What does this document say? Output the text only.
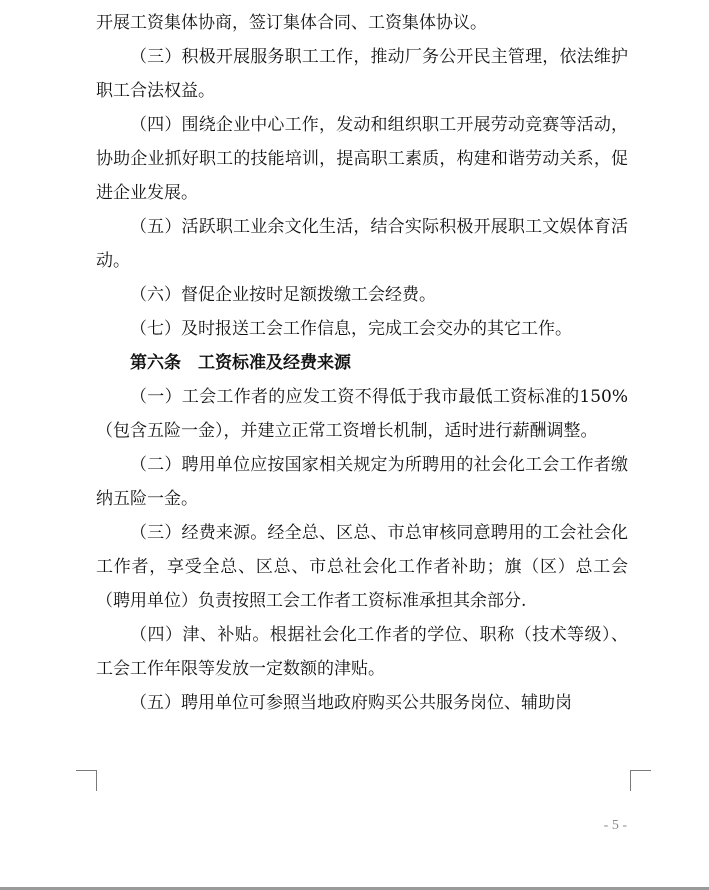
开展工资集体协商，签订集体合同、工资集体协议。

（三）积极开展服务职工工作，推动厂务公开民主管理，依法维护职工合法权益。

（四）围绕企业中心工作，发动和组织职工开展劳动竞赛等活动，协助企业抓好职工的技能培训，提高职工素质，构建和谐劳动关系，促进企业发展。

（五）活跃职工业余文化生活，结合实际积极开展职工文娱体育活动。

（六）督促企业按时足额拨缴工会经费。

（七）及时报送工会工作信息，完成工会交办的其它工作。

第六条　工资标准及经费来源

（一）工会工作者的应发工资不得低于我市最低工资标准的150%（包含五险一金），并建立正常工资增长机制，适时进行薪酬调整。

（二）聘用单位应按国家相关规定为所聘用的社会化工会工作者缴纳五险一金。

（三）经费来源。经全总、区总、市总审核同意聘用的工会社会化工作者，享受全总、区总、市总社会化工作者补助；旗（区）总工会（聘用单位）负责按照工会工作者工资标准承担其余部分.

（四）津、补贴。根据社会化工作者的学位、职称（技术等级）、工会工作年限等发放一定数额的津贴。

（五）聘用单位可参照当地政府购买公共服务岗位、辅助岗

- 5 -
